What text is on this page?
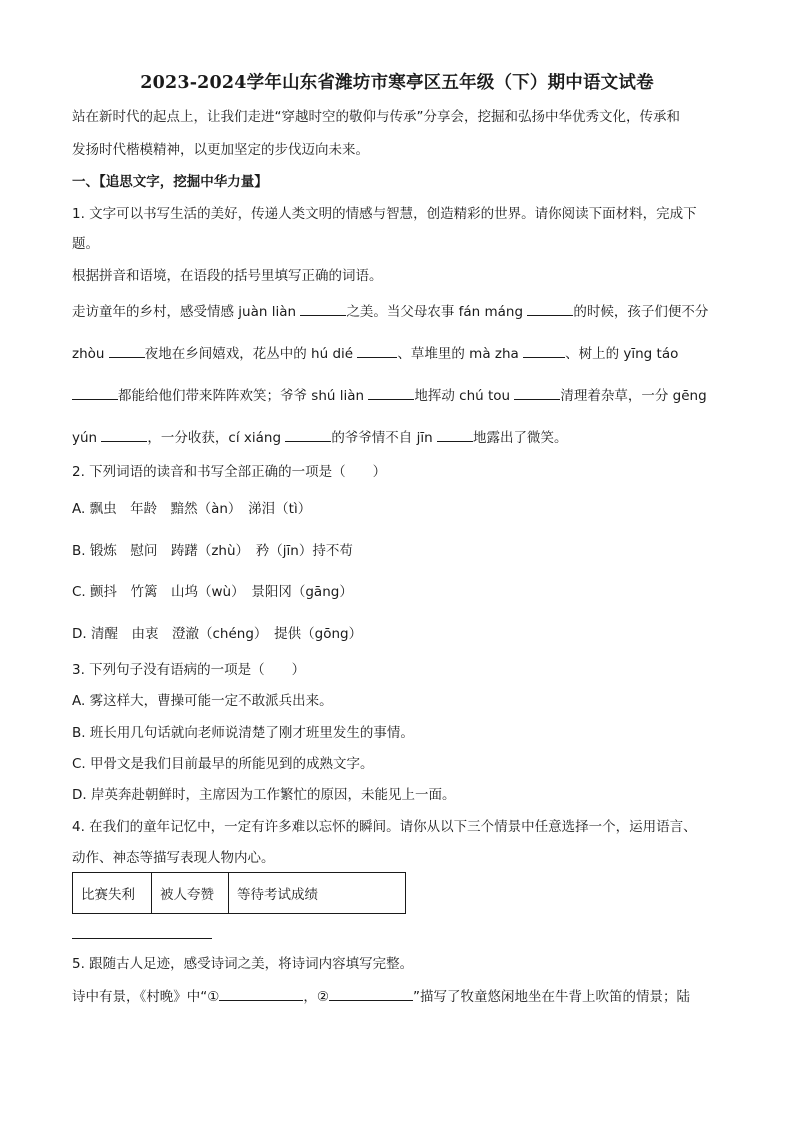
2023-2024学年山东省潍坊市寒亭区五年级（下）期中语文试卷
站在新时代的起点上，让我们走进“穿越时空的敬仰与传承”分享会，挖掘和弘扬中华优秀文化，传承和
发扬时代楷模精神，以更加坚定的步伐迈向未来。
一、【追思文字，挖掘中华力量】
1. 文字可以书写生活的美好，传递人类文明的情感与智慧，创造精彩的世界。请你阅读下面材料，完成下
题。
根据拼音和语境，在语段的括号里填写正确的词语。
走访童年的乡村，感受情感 juàn liàn	之美。当父母农事 fán máng	的时候，孩子们便不分
zhòu	夜地在乡间嬉戏，花丛中的 hú dié	、草堆里的 mà zha	、树上的 yīng táo
都能给他们带来阵阵欢笑；爷爷 shú liàn	地挥动 chú tou	清理着杂草，一分 gēng
yún	，一分收获，cí xiáng	的爷爷情不自 jīn	地露出了微笑。
2. 下列词语的读音和书写全部正确的一项是（　　）
A. 飘虫　年龄　黯然（àn）　涕泪（tì）
B. 锻炼　慰问　踌躇（zhù）　矜（jīn）持不苟
C. 颤抖　竹篱　山坞（wù）　景阳冈（gāng）
D. 清醒　由衷　澄澈（chéng）　提供（gōng）
3. 下列句子没有语病的一项是（　　）
A. 雾这样大，曹操可能一定不敢派兵出来。
B. 班长用几句话就向老师说清楚了刚才班里发生的事情。
C. 甲骨文是我们目前最早的所能见到的成熟文字。
D. 岸英奔赴朝鲜时，主席因为工作繁忙的原因，未能见上一面。
4. 在我们的童年记忆中，一定有许多难以忘怀的瞬间。请你从以下三个情景中任意选择一个，运用语言、
动作、神态等描写表现人物内心。
比赛失利	被人夸赞	等待考试成绩
5. 跟随古人足迹，感受诗词之美，将诗词内容填写完整。
诗中有景，《村晚》中“①	，②	”描写了牧童悠闲地坐在牛背上吹笛的情景；陆
